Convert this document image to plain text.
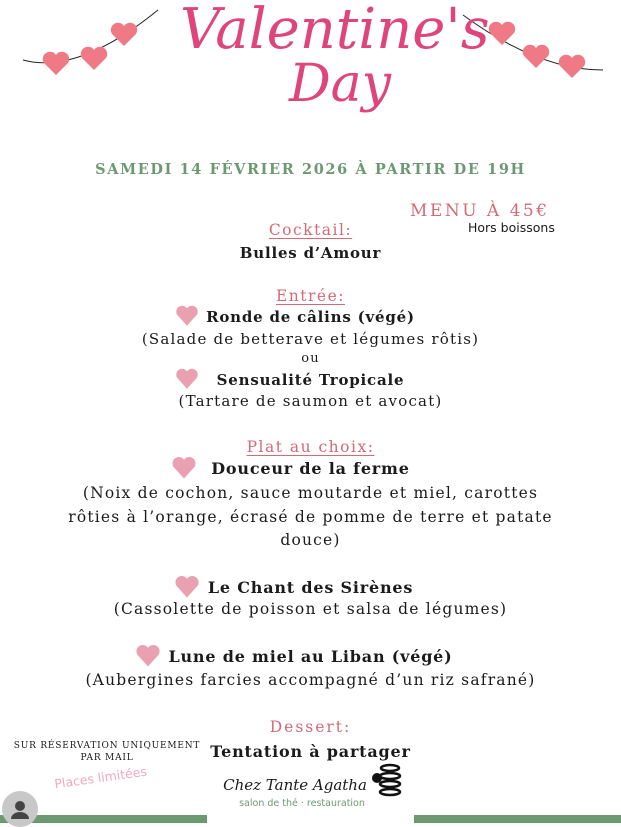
Valentine's
Day
SAMEDI 14 FÉVRIER 2026 À PARTIR DE 19H
MENU À 45€
Hors boissons
Cocktail:
Bulles d’Amour
Entrée:
Ronde de câlins (végé)
(Salade de betterave et légumes rôtis)
ou
Sensualité Tropicale
(Tartare de saumon et avocat)
Plat au choix:
Douceur de la ferme
(Noix de cochon, sauce moutarde et miel, carottes
rôties à l’orange, écrasé de pomme de terre et patate
douce)
Le Chant des Sirènes
(Cassolette de poisson et salsa de légumes)
Lune de miel au Liban (végé)
(Aubergines farcies accompagné d’un riz safrané)
Dessert:
Tentation à partager
SUR RÉSERVATION UNIQUEMENT
PAR MAIL
Places limitées	Chez Tante Agatha
salon de thé · restauration
